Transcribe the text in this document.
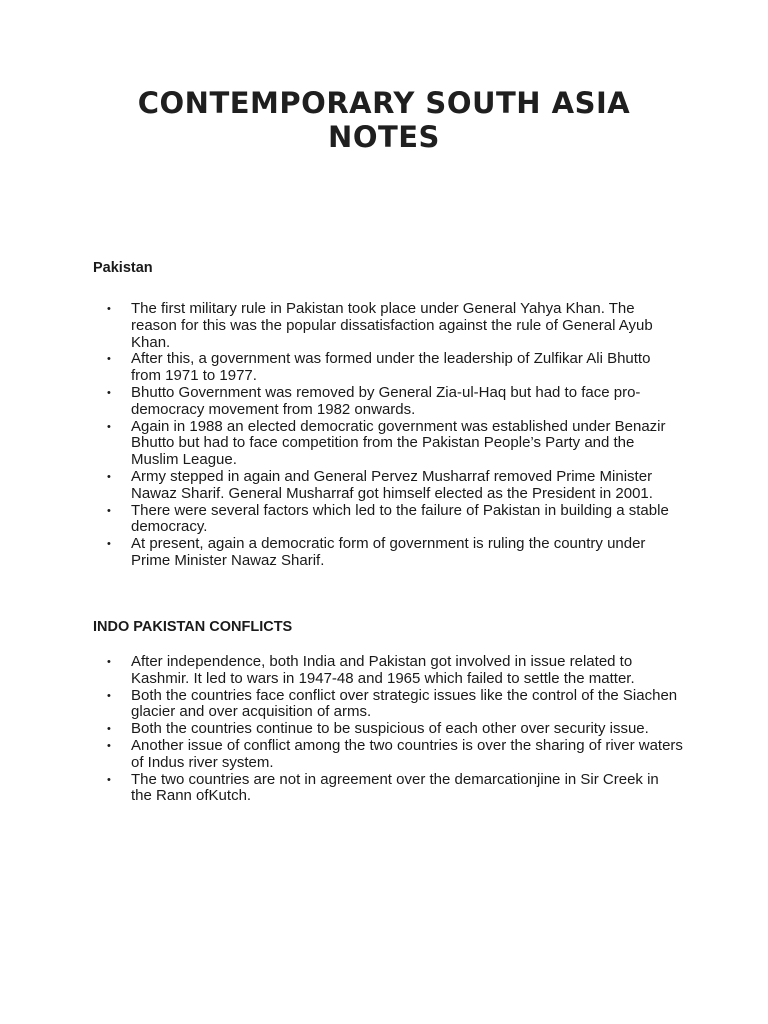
CONTEMPORARY SOUTH ASIA NOTES
Pakistan
• The first military rule in Pakistan took place under General Yahya Khan. The reason for this was the popular dissatisfaction against the rule of General Ayub Khan.
• After this, a government was formed under the leadership of Zulfikar Ali Bhutto from 1971 to 1977.
• Bhutto Government was removed by General Zia-ul-Haq but had to face pro-democracy movement from 1982 onwards.
• Again in 1988 an elected democratic government was established under Benazir Bhutto but had to face competition from the Pakistan People’s Party and the Muslim League.
• Army stepped in again and General Pervez Musharraf removed Prime Minister Nawaz Sharif. General Musharraf got himself elected as the President in 2001.
• There were several factors which led to the failure of Pakistan in building a stable democracy.
• At present, again a democratic form of government is ruling the country under Prime Minister Nawaz Sharif.
INDO PAKISTAN CONFLICTS
• After independence, both India and Pakistan got involved in issue related to Kashmir. It led to wars in 1947-48 and 1965 which failed to settle the matter.
• Both the countries face conflict over strategic issues like the control of the Siachen glacier and over acquisition of arms.
• Both the countries continue to be suspicious of each other over security issue.
• Another issue of conflict among the two countries is over the sharing of river waters of Indus river system.
• The two countries are not in agreement over the demarcationjine in Sir Creek in the Rann ofKutch.
